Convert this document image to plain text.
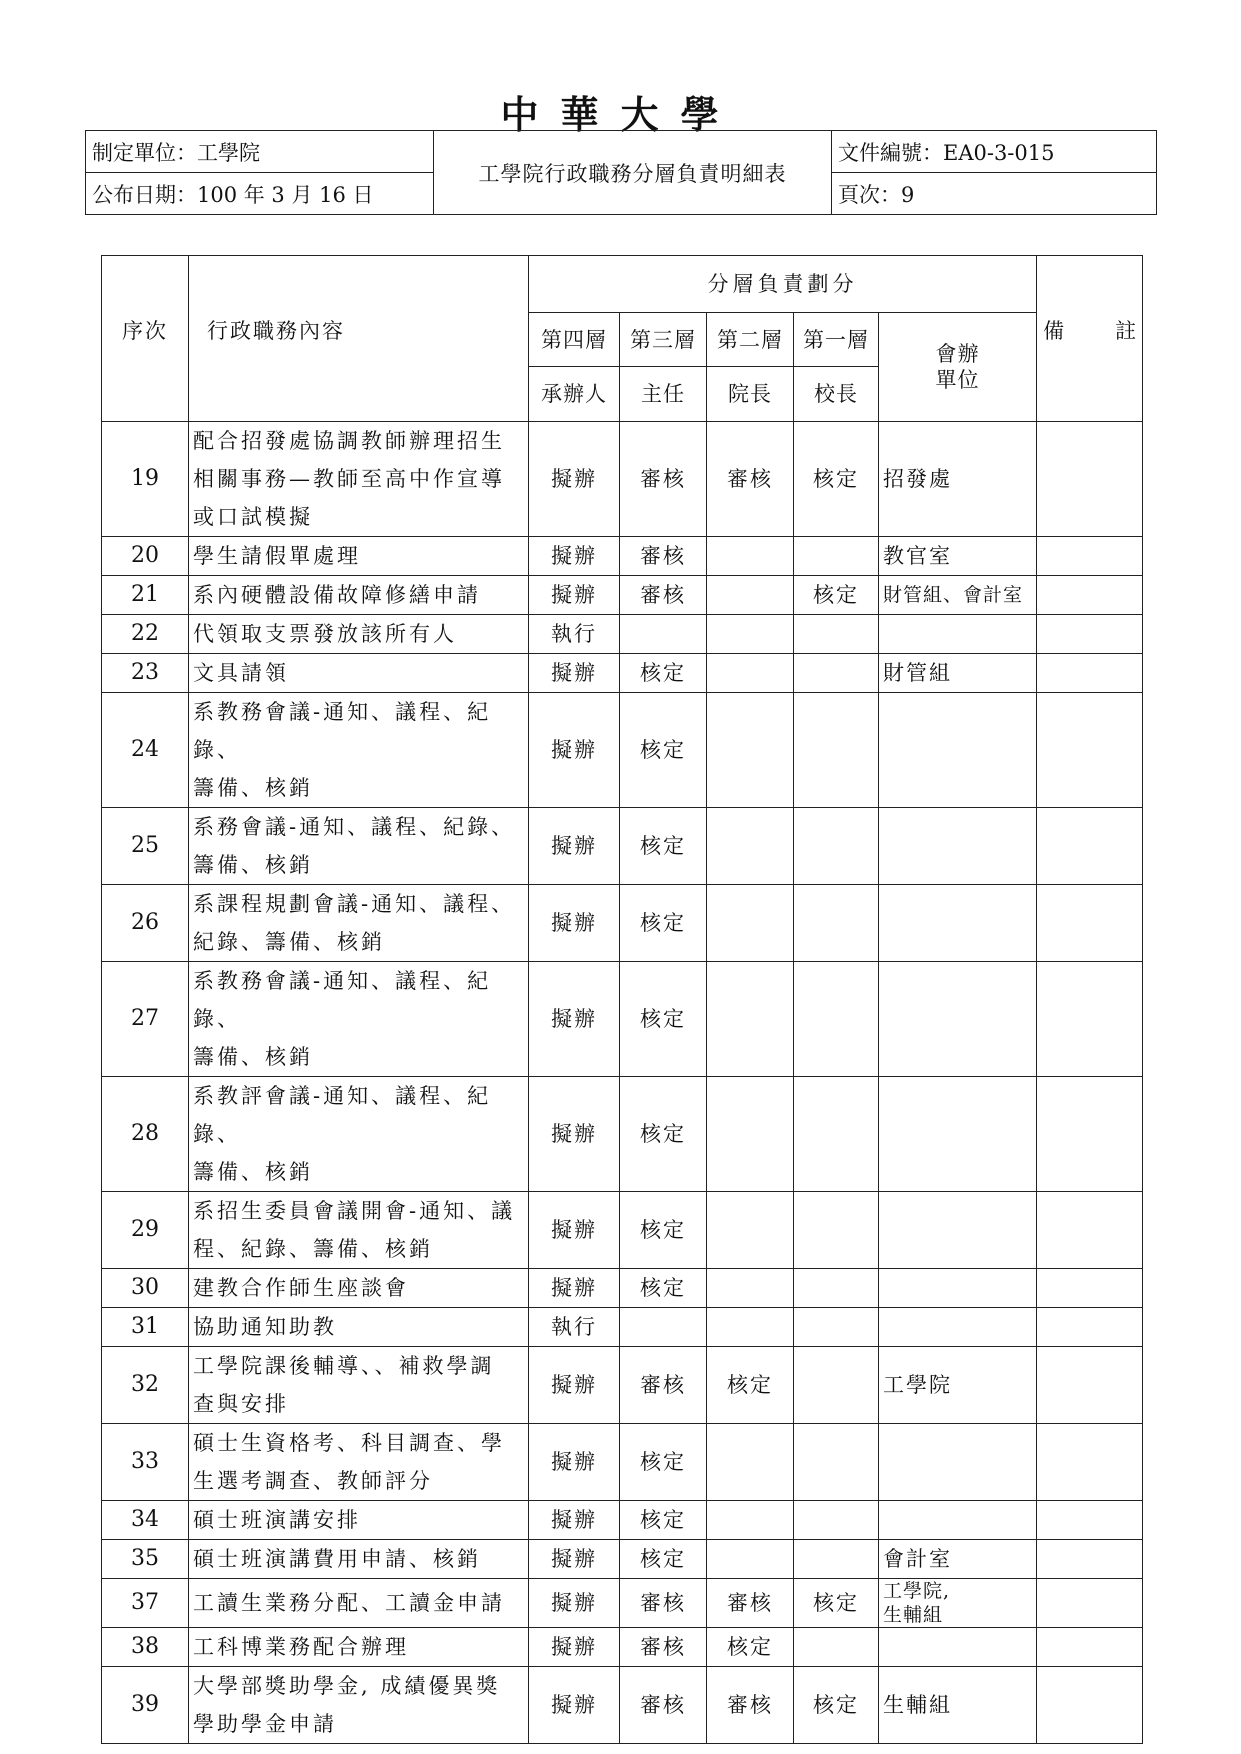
中華大學
制定單位：工學院	工學院行政職務分層負責明細表	文件編號：EA0-3-015
公布日期：100 年 3 月 16 日		頁次：9
序次	行政職務內容	分層負責劃分					備 註

		第四層	第三層	第二層	第一層	會辦
單位	

		承辦人	主任	院長	校長		
19	配合招發處協調教師辦理招生
相關事務—教師至高中作宣導
或口試模擬	擬辦	審核	審核	核定	招發處	

20	學生請假單處理	擬辦	審核			教官室	

21	系內硬體設備故障修繕申請	擬辦	審核		核定	財管組、會計室	

22	代領取支票發放該所有人	執行				

23	文具請領	擬辦	核定			財管組	

24	系教務會議-通知、議程、紀錄、
籌備、核銷	擬辦	核定			

25	系務會議-通知、議程、紀錄、
籌備、核銷	擬辦	核定			

26	系課程規劃會議-通知、議程、
紀錄、籌備、核銷	擬辦	核定			

27	系教務會議-通知、議程、紀錄、
籌備、核銷	擬辦	核定			

28	系教評會議-通知、議程、紀錄、
籌備、核銷	擬辦	核定			

29	系招生委員會議開會-通知、議
程、紀錄、籌備、核銷	擬辦	核定			

30	建教合作師生座談會	擬辦	核定			

31	協助通知助教	執行				

32	工學院課後輔導、、補救學調
查與安排	擬辦	審核	核定		工學院	

33	碩士生資格考、科目調查、學
生選考調查、教師評分	擬辦	核定			

34	碩士班演講安排	擬辦	核定			

35	碩士班演講費用申請、核銷	擬辦	核定			會計室	

37	工讀生業務分配、工讀金申請	擬辦	審核	審核	核定	工學院,
生輔組	

38	工科博業務配合辦理	擬辦	審核	核定		

39	大學部獎助學金, 成績優異獎
學助學金申請	擬辦	審核	審核	核定	生輔組	
